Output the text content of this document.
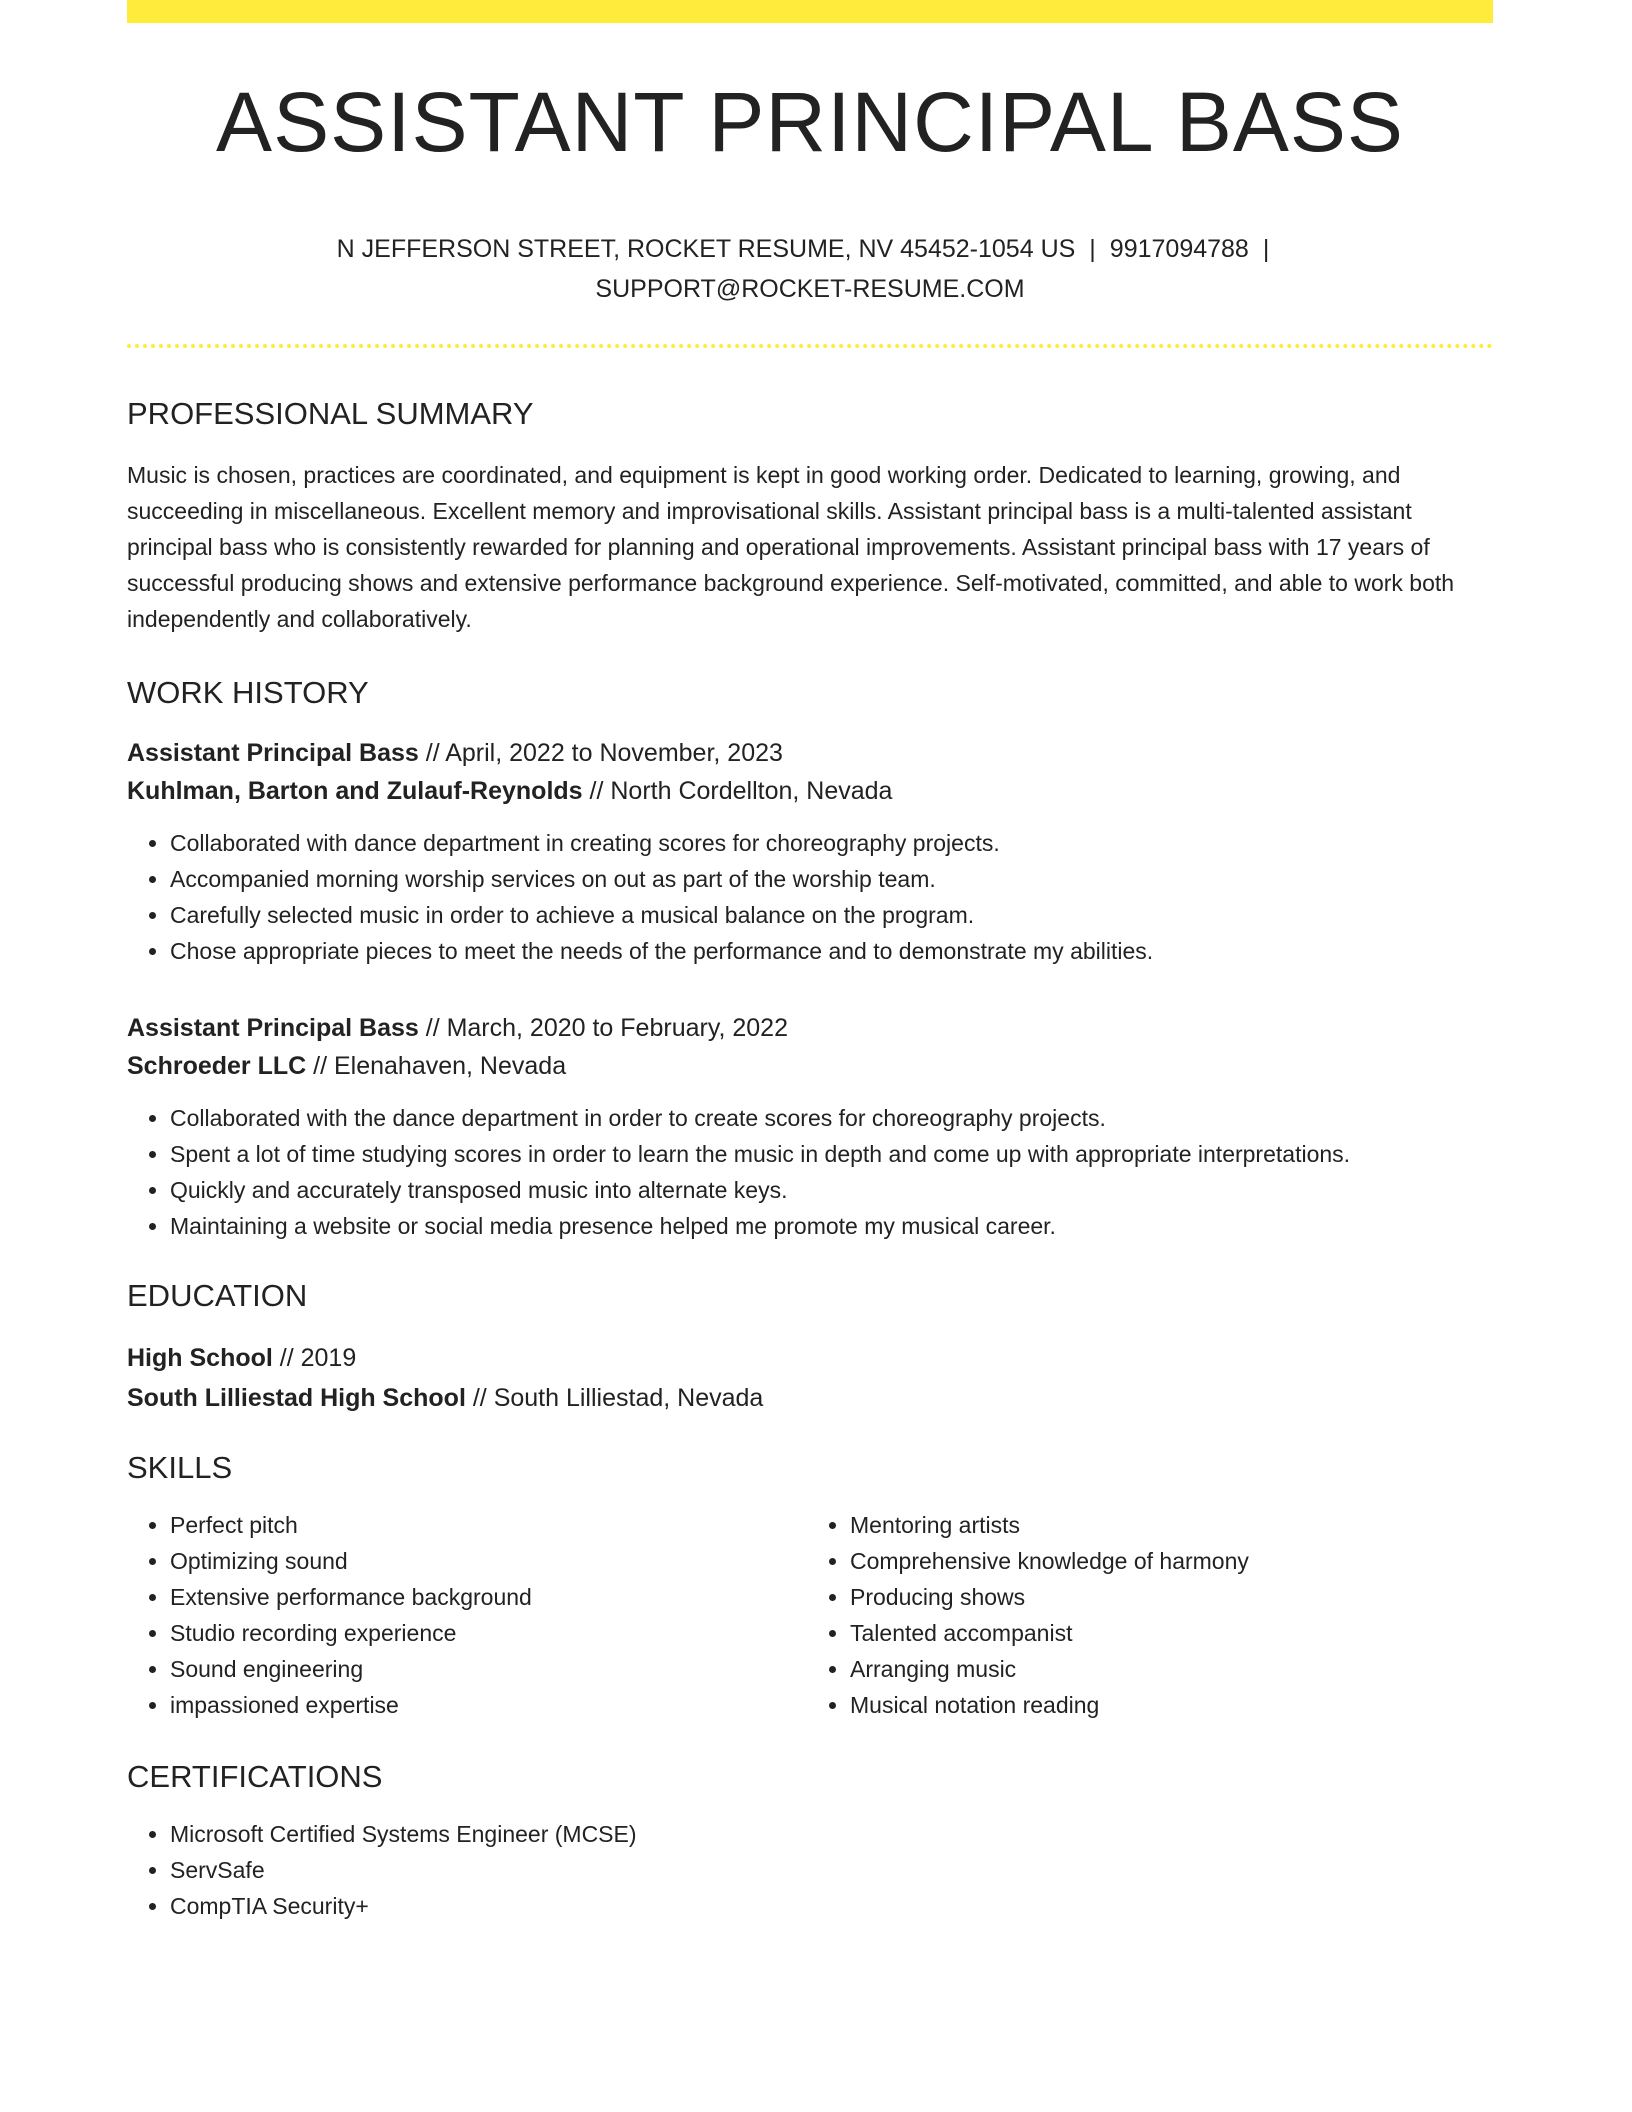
ASSISTANT PRINCIPAL BASS
N JEFFERSON STREET, ROCKET RESUME, NV 45452-1054 US | 9917094788 |
SUPPORT@ROCKET-RESUME.COM
PROFESSIONAL SUMMARY
Music is chosen, practices are coordinated, and equipment is kept in good working order. Dedicated to learning, growing, and succeeding in miscellaneous. Excellent memory and improvisational skills. Assistant principal bass is a multi-talented assistant principal bass who is consistently rewarded for planning and operational improvements. Assistant principal bass with 17 years of successful producing shows and extensive performance background experience. Self-motivated, committed, and able to work both independently and collaboratively.
WORK HISTORY
Assistant Principal Bass // April, 2022 to November, 2023
Kuhlman, Barton and Zulauf-Reynolds // North Cordellton, Nevada
• Collaborated with dance department in creating scores for choreography projects.
• Accompanied morning worship services on out as part of the worship team.
• Carefully selected music in order to achieve a musical balance on the program.
• Chose appropriate pieces to meet the needs of the performance and to demonstrate my abilities.
Assistant Principal Bass // March, 2020 to February, 2022
Schroeder LLC // Elenahaven, Nevada
• Collaborated with the dance department in order to create scores for choreography projects.
• Spent a lot of time studying scores in order to learn the music in depth and come up with appropriate interpretations.
• Quickly and accurately transposed music into alternate keys.
• Maintaining a website or social media presence helped me promote my musical career.
EDUCATION
High School // 2019
South Lilliestad High School // South Lilliestad, Nevada
SKILLS
• Perfect pitch
• Optimizing sound
• Extensive performance background
• Studio recording experience
• Sound engineering
• impassioned expertise
• Mentoring artists
• Comprehensive knowledge of harmony
• Producing shows
• Talented accompanist
• Arranging music
• Musical notation reading
CERTIFICATIONS
• Microsoft Certified Systems Engineer (MCSE)
• ServSafe
• CompTIA Security+
